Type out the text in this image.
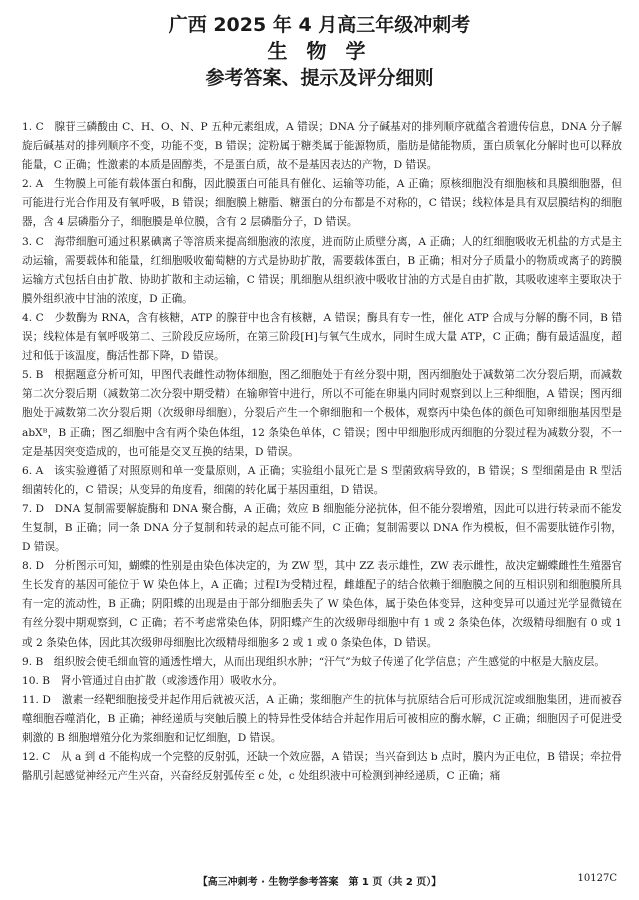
广西 2025 年 4 月高三年级冲刺考
生 物 学
参考答案、提示及评分细则

1. C　腺苷三磷酸由 C、H、O、N、P 五种元素组成，A 错误；DNA 分子碱基对的排列顺序就蕴含着遗传信息，DNA 分子解旋后碱基对的排列顺序不变，功能不变，B 错误；淀粉属于糖类属于能源物质，脂肪是储能物质，蛋白质氧化分解时也可以释放能量，C 正确；性激素的本质是固醇类，不是蛋白质，故不是基因表达的产物，D 错误。

2. A　生物膜上可能有载体蛋白和酶，因此膜蛋白可能具有催化、运输等功能，A 正确；原核细胞没有细胞核和具膜细胞器，但可能进行光合作用及有氧呼吸，B 错误；细胞膜上糖脂、糖蛋白的分布都是不对称的，C 错误；线粒体是具有双层膜结构的细胞器，含 4 层磷脂分子，细胞膜是单位膜，含有 2 层磷脂分子，D 错误。

3. C　海带细胞可通过积累碘离子等溶质来提高细胞液的浓度，进而防止质壁分离，A 正确；人的红细胞吸收无机盐的方式是主动运输，需要载体和能量，红细胞吸收葡萄糖的方式是协助扩散，需要载体蛋白，B 正确；相对分子质量小的物质或离子的跨膜运输方式包括自由扩散、协助扩散和主动运输，C 错误；肌细胞从组织液中吸收甘油的方式是自由扩散，其吸收速率主要取决于膜外组织液中甘油的浓度，D 正确。

4. C　少数酶为 RNA，含有核糖，ATP 的腺苷中也含有核糖，A 错误；酶具有专一性，催化 ATP 合成与分解的酶不同，B 错误；线粒体是有氧呼吸第二、三阶段反应场所，在第三阶段[H]与氧气生成水，同时生成大量 ATP，C 正确；酶有最适温度，超过和低于该温度，酶活性都下降，D 错误。

5. B　根据题意分析可知，甲图代表雌性动物体细胞，图乙细胞处于有丝分裂中期，图丙细胞处于减数第二次分裂后期，而减数第二次分裂后期（减数第二次分裂中期受精）在输卵管中进行，所以不可能在卵巢内同时观察到以上三种细胞，A 错误；图丙细胞处于减数第二次分裂后期（次级卵母细胞），分裂后产生一个卵细胞和一个极体，观察丙中染色体的颜色可知卵细胞基因型是 abXᴮ，B 正确；图乙细胞中含有两个染色体组，12 条染色单体，C 错误；图中甲细胞形成丙细胞的分裂过程为减数分裂，不一定是基因突变造成的，也可能是交叉互换的结果，D 错误。

6. A　该实验遵循了对照原则和单一变量原则，A 正确；实验组小鼠死亡是 S 型菌致病导致的，B 错误；S 型细菌是由 R 型活细菌转化的，C 错误；从变异的角度看，细菌的转化属于基因重组，D 错误。

7. D　DNA 复制需要解旋酶和 DNA 聚合酶，A 正确；效应 B 细胞能分泌抗体，但不能分裂增殖，因此可以进行转录而不能发生复制，B 正确；同一条 DNA 分子复制和转录的起点可能不同，C 正确；复制需要以 DNA 作为模板，但不需要肽链作引物，D 错误。

8. D　分析图示可知，蝴蝶的性别是由染色体决定的，为 ZW 型，其中 ZZ 表示雄性，ZW 表示雌性，故决定蝴蝶雌性生殖器官生长发育的基因可能位于 W 染色体上，A 正确；过程Ⅰ为受精过程，雌雄配子的结合依赖于细胞膜之间的互相识别和细胞膜所具有一定的流动性，B 正确；阴阳蝶的出现是由于部分细胞丢失了 W 染色体，属于染色体变异，这种变异可以通过光学显微镜在有丝分裂中期观察到，C 正确；若不考虑常染色体，阴阳蝶产生的次级卵母细胞中有 1 或 2 条染色体，次级精母细胞有 0 或 1 或 2 条染色体，因此其次级卵母细胞比次级精母细胞多 2 或 1 或 0 条染色体，D 错误。

9. B　组织胺会使毛细血管的通透性增大，从而出现组织水肿；“汗气”为蚊子传递了化学信息；产生感觉的中枢是大脑皮层。

10. B　肾小管通过自由扩散（或渗透作用）吸收水分。

11. D　激素一经靶细胞接受并起作用后就被灭活，A 正确；浆细胞产生的抗体与抗原结合后可形成沉淀或细胞集团，进而被吞噬细胞吞噬消化，B 正确；神经递质与突触后膜上的特异性受体结合并起作用后可被相应的酶水解，C 正确；细胞因子可促进受刺激的 B 细胞增殖分化为浆细胞和记忆细胞，D 错误。

12. C　从 a 到 d 不能构成一个完整的反射弧，还缺一个效应器，A 错误；当兴奋到达 b 点时，膜内为正电位，B 错误；牵拉骨骼肌引起感觉神经元产生兴奋，兴奋经反射弧传至 c 处，c 处组织液中可检测到神经递质，C 正确；痛

【高三冲刺考 · 生物学参考答案　第 1 页（共 2 页）】	10127C
